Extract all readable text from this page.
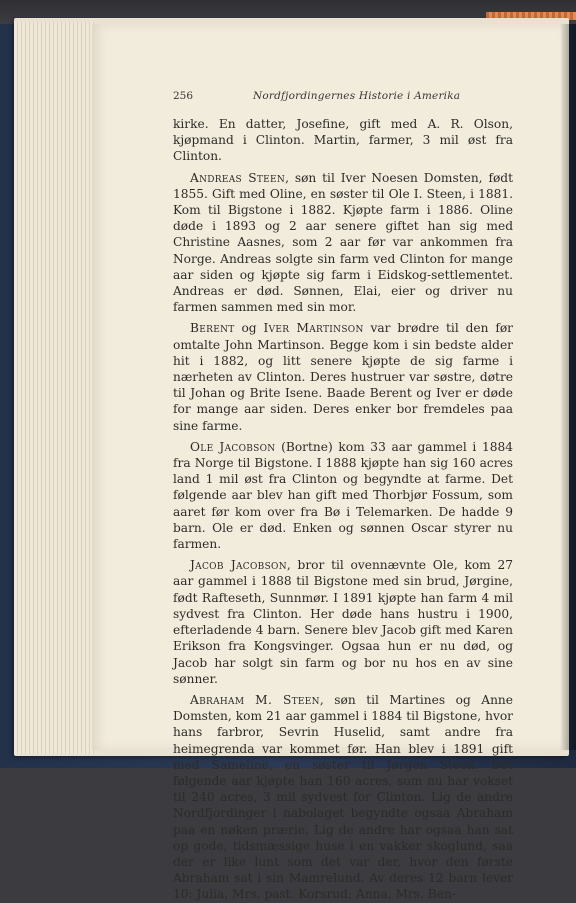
256	Nordfjordingernes Historie i Amerika

kirke. En datter, Josefine, gift med A. R. Olson, kjøpmand i Clinton. Martin, farmer, 3 mil øst fra Clinton.

Andreas Steen, søn til Iver Noesen Domsten, født 1855. Gift med Oline, en søster til Ole I. Steen, i 1881. Kom til Bigstone i 1882. Kjøpte farm i 1886. Oline døde i 1893 og 2 aar senere giftet han sig med Christine Aasnes, som 2 aar før var ankommen fra Norge. Andreas solgte sin farm ved Clinton for mange aar siden og kjøpte sig farm i Eidskog-settlementet. Andreas er død. Sønnen, Elai, eier og driver nu farmen sammen med sin mor.

Berent og Iver Martinson var brødre til den før omtalte John Martinson. Begge kom i sin bedste alder hit i 1882, og litt senere kjøpte de sig farme i nærheten av Clinton. Deres hustruer var søstre, døtre til Johan og Brite Isene. Baade Berent og Iver er døde for mange aar siden. Deres enker bor fremdeles paa sine farme.

Ole Jacobson (Bortne) kom 33 aar gammel i 1884 fra Norge til Bigstone. I 1888 kjøpte han sig 160 acres land 1 mil øst fra Clinton og begyndte at farme. Det følgende aar blev han gift med Thorbjør Fossum, som aaret før kom over fra Bø i Telemarken. De hadde 9 barn. Ole er død. Enken og sønnen Oscar styrer nu farmen.

Jacob Jacobson, bror til ovennævnte Ole, kom 27 aar gammel i 1888 til Bigstone med sin brud, Jørgine, født Rafteseth, Sunnmør. I 1891 kjøpte han farm 4 mil sydvest fra Clinton. Her døde hans hustru i 1900, efterladende 4 barn. Senere blev Jacob gift med Karen Erikson fra Kongsvinger. Ogsaa hun er nu død, og Jacob har solgt sin farm og bor nu hos en av sine sønner.

Abraham M. Steen, søn til Martines og Anne Domsten, kom 21 aar gammel i 1884 til Bigstone, hvor hans farbror, Sevrin Huselid, samt andre fra heimegrenda var kommet før. Han blev i 1891 gift med Sameline, en søster til Jørgen Steen. Det følgende aar kjøpte han 160 acres, som nu har vokset til 240 acres, 3 mil sydvest for Clinton. Lig de andre Nordfjordinger i nabolaget begyndte ogsaa Abraham paa en nøken prærie. Lig de andre har ogsaa han sat op gode, tidsmæssige huse i en vakker skoglund, saa der er like lunt som det var der, hvor den første Abraham sat i sin Mamrelund. Av deres 12 barn lever 10: Julia, Mrs. past. Korsrud; Anna, Mrs. Ben-
